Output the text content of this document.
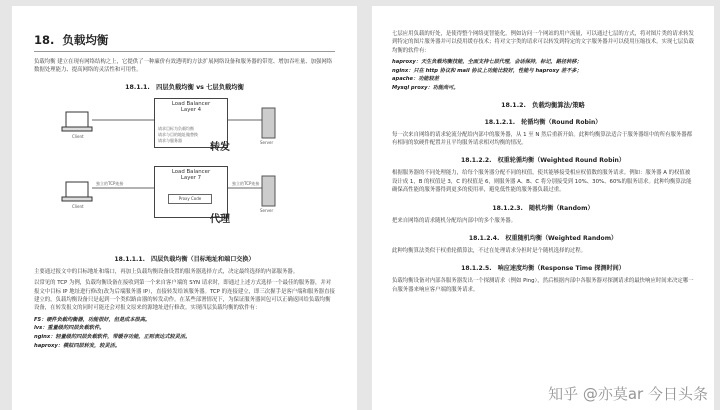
18. 负载均衡
负载均衡 建立在现有网络结构之上，它提供了一种廉价有效透明的方法扩展网络设备和服务器的带宽、增加吞吐量、加强网络数据处理能力、提高网络的灵活性和可用性。
18.1.1.　四层负载均衡 vs 七层负载均衡
Load Balancer
Layer 4
请求目标为负载均衡
请求与目的地址做替换
请求与服务器
转发
Client
Server
Load Balancer
Layer 7
Proxy Code
独立的TCP连接	独立的TCP连接
代理
Client
Server
18.1.1.1.　四层负载均衡（目标地址和端口交换）
主要通过报文中的目标地址和端口，再加上负载均衡设备设置的服务器选择方式，决定最终选择的内部服务器。
以常见的 TCP 为例，负载均衡设备在接收到第一个来自客户端的 SYN 请求时，即通过上述方式选择一个最佳的服务器，并对报文中目标 IP 地址进行修改(改为后端服务器 IP），直接转发给该服务器。TCP 的连接建立，即三次握手是客户端和服务器直接建立的，负载均衡设备只是起到一个类似路由器的转发动作。在某些部署情况下，为保证服务器回包可以正确返回给负载均衡设备，在转发报文的同时可能还会对报文原来的源地址进行修改。实现四层负载均衡的软件有：
F5：硬件负载均衡器，功能很好，但是成本很高。
lvs：重量级的四层负载软件。
nginx：轻量级的四层负载软件，带缓存功能，正则表达式较灵活。
haproxy：模拟四层转发，较灵活。
七层应用负载的好处，是使得整个网络更智能化。例如访问一个网站的用户流量，可以通过七层的方式，将对图片类的请求转发到特定的图片服务器并可以使用缓存技术；将对文字类的请求可以转发到特定的文字服务器并可以使用压缩技术。实现七层负载均衡的软件有：
haproxy：天生负载均衡技能，全面支持七层代理，会话保持，标记，路径转移；
nginx：只在 http 协议和 mail 协议上功能比较好，性能与 haproxy 差不多；
apache：功能较差
Mysql proxy：功能尚可。
18.1.2.　负载均衡算法/策略
18.1.2.1.　轮循均衡（Round Robin）
每一次来自网络的请求轮流分配给内部中的服务器，从 1 至 N 然后重新开始。此种均衡算法适合于服务器组中的所有服务器都有相同的软硬件配置并且平均服务请求相对均衡的情况。
18.1.2.2.　权重轮循均衡（Weighted Round Robin）
根据服务器的不同处理能力，给每个服务器分配不同的权值，使其能够接受相应权值数的服务请求。例如：服务器 A 的权值被设计成 1，B 的权值是 3，C 的权值是 6，则服务器 A、B、C 将分别接受到 10%、30%、60%的服务请求。此种均衡算法能确保高性能的服务器得到更多的使用率，避免低性能的服务器负载过重。
18.1.2.3.　随机均衡（Random）
把来自网络的请求随机分配给内部中的多个服务器。
18.1.2.4.　权重随机均衡（Weighted Random）
此种均衡算法类似于权重轮循算法，不过在处理请求分担时是个随机选择的过程。
18.1.2.5.　响应速度均衡（Response Time 探测时间）
负载均衡设备对内部各服务器发出一个探测请求（例如 Ping），然后根据内部中各服务器对探测请求的最快响应时间来决定哪一台服务器来响应客户端的服务请求。
知乎 @亦莫ar 今日头条
